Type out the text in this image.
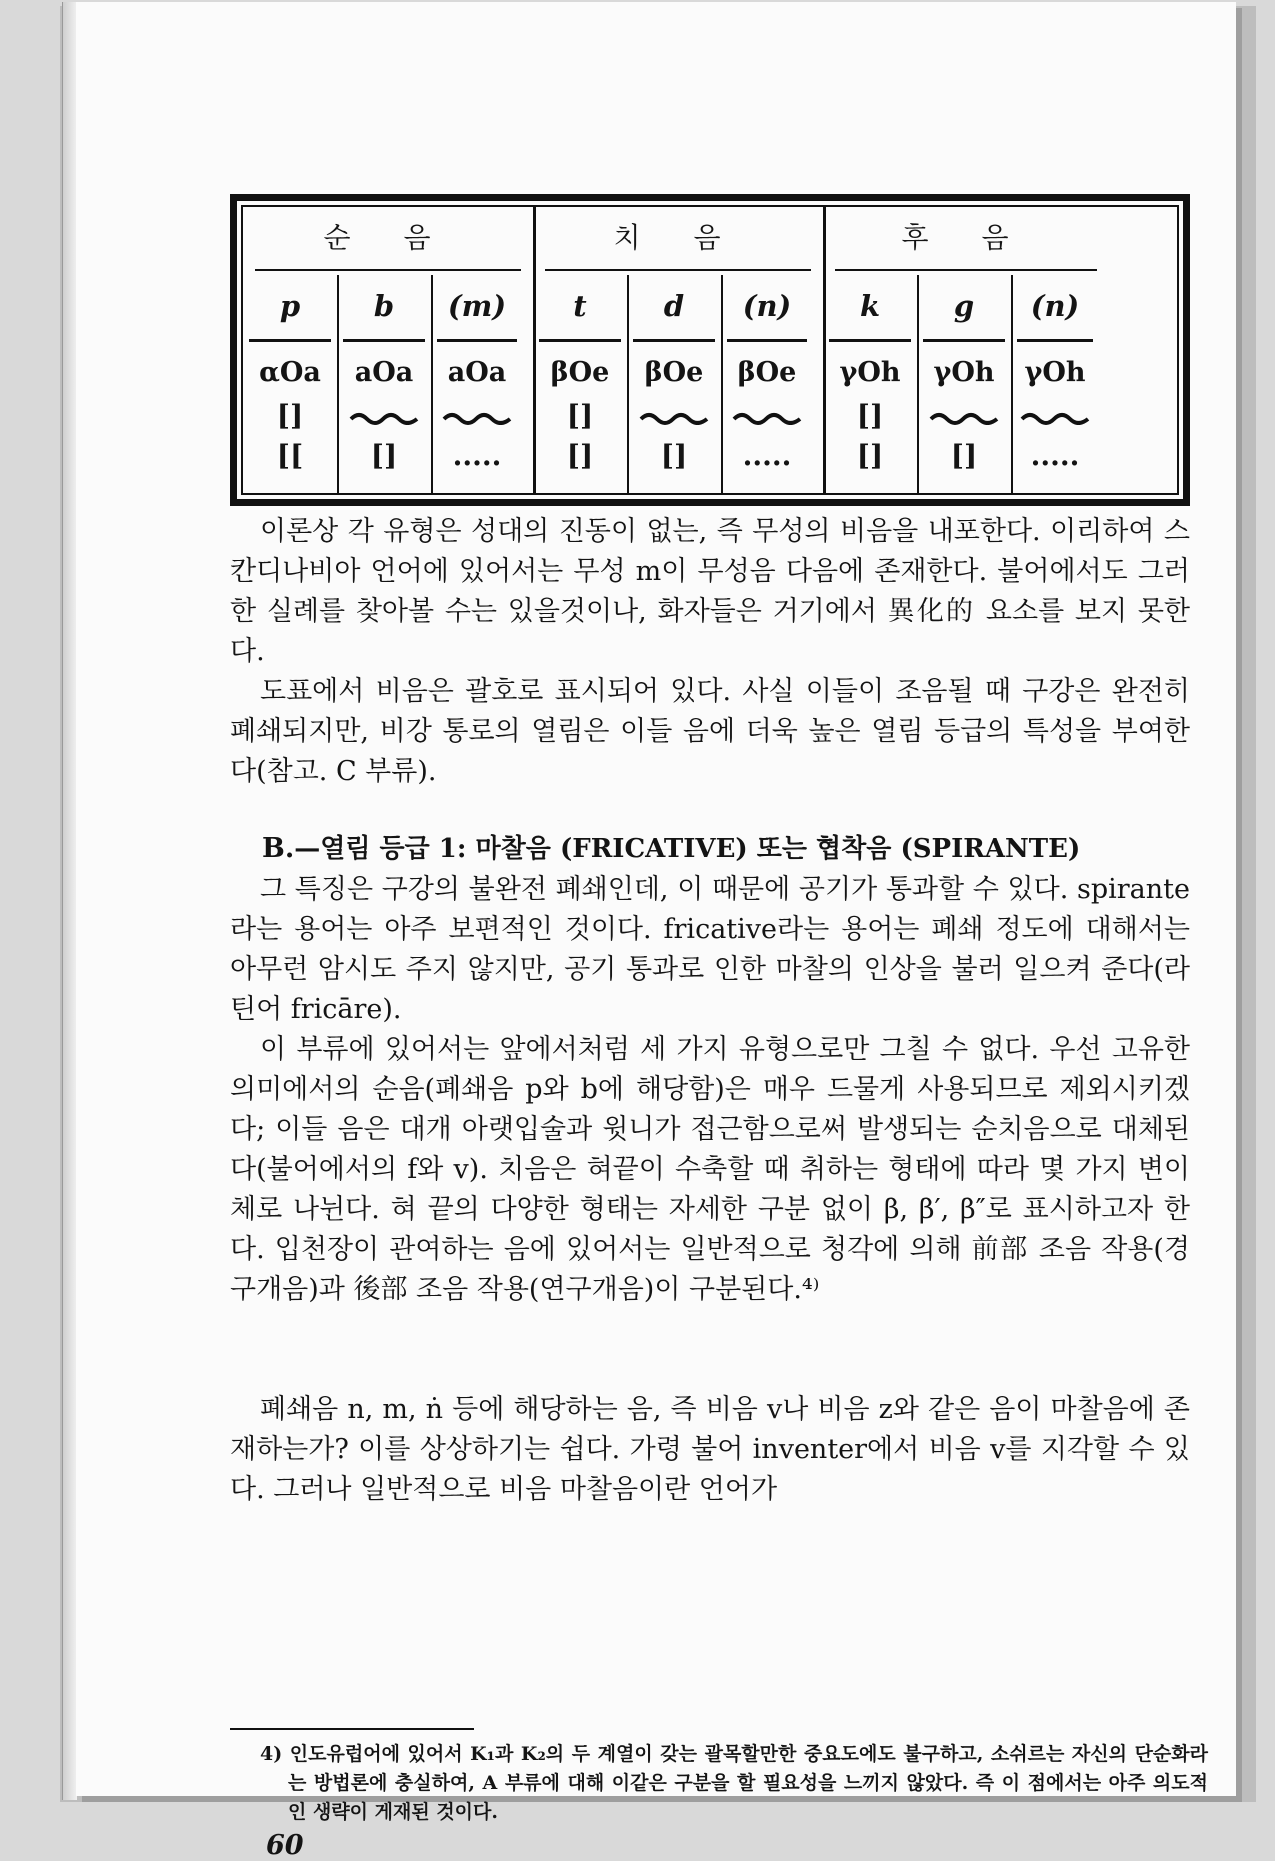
순 음
p
αOa
[]
[[
b
aOa
[]
(m)
aOa
.....
치 음
t
βOe
[]
[]
d
βOe
[]
(n)
βOe
.....
후 음
k
γOh
[]
[]
g
γOh
[]
(n)
γOh
.....

이론상 각 유형은 성대의 진동이 없는, 즉 무성의 비음을 내포한다. 이리하여 스칸디나비아 언어에 있어서는 무성 m이 무성음 다음에 존재한다. 불어에서도 그러한 실례를 찾아볼 수는 있을것이나, 화자들은 거기에서 異化的 요소를 보지 못한다.

도표에서 비음은 괄호로 표시되어 있다. 사실 이들이 조음될 때 구강은 완전히 폐쇄되지만, 비강 통로의 열림은 이들 음에 더욱 높은 열림 등급의 특성을 부여한다(참고. C 부류).

B.—열림 등급 1: 마찰음 (FRICATIVE) 또는 협착음 (SPIRANTE)

그 특징은 구강의 불완전 폐쇄인데, 이 때문에 공기가 통과할 수 있다. spirante라는 용어는 아주 보편적인 것이다. fricative라는 용어는 폐쇄 정도에 대해서는 아무런 암시도 주지 않지만, 공기 통과로 인한 마찰의 인상을 불러 일으켜 준다(라틴어 fricāre).

이 부류에 있어서는 앞에서처럼 세 가지 유형으로만 그칠 수 없다. 우선 고유한 의미에서의 순음(폐쇄음 p와 b에 해당함)은 매우 드물게 사용되므로 제외시키겠다; 이들 음은 대개 아랫입술과 윗니가 접근함으로써 발생되는 순치음으로 대체된다(불어에서의 f와 v). 치음은 혀끝이 수축할 때 취하는 형태에 따라 몇 가지 변이체로 나뉜다. 혀 끝의 다양한 형태는 자세한 구분 없이 β, β′, β″로 표시하고자 한다. 입천장이 관여하는 음에 있어서는 일반적으로 청각에 의해 前部 조음 작용(경구개음)과 後部 조음 작용(연구개음)이 구분된다.⁴⁾

폐쇄음 n, m, ṅ 등에 해당하는 음, 즉 비음 v나 비음 z와 같은 음이 마찰음에 존재하는가? 이를 상상하기는 쉽다. 가령 불어 inventer에서 비음 v를 지각할 수 있다. 그러나 일반적으로 비음 마찰음이란 언어가

4) 인도유럽어에 있어서 K₁과 K₂의 두 계열이 갖는 괄목할만한 중요도에도 불구하고, 소쉬르는 자신의 단순화라는 방법론에 충실하여, A 부류에 대해 이같은 구분을 할 필요성을 느끼지 않았다. 즉 이 점에서는 아주 의도적인 생략이 게재된 것이다.
60
